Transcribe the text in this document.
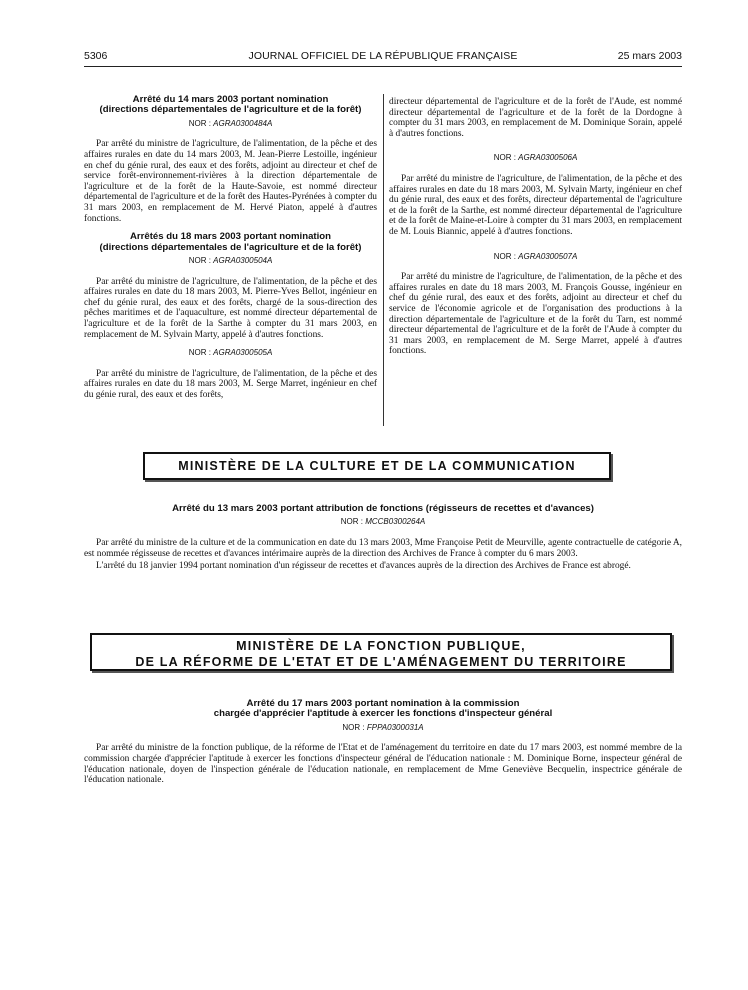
5306	JOURNAL OFFICIEL DE LA RÉPUBLIQUE FRANÇAISE	25 mars 2003
Arrêté du 14 mars 2003 portant nomination
(directions départementales de l'agriculture et de la forêt)
NOR : AGRA0300484A

Par arrêté du ministre de l'agriculture, de l'alimentation, de la pêche et des affaires rurales en date du 14 mars 2003, M. Jean-Pierre Lestoille, ingénieur en chef du génie rural, des eaux et des forêts, adjoint au directeur et chef de service forêt-environnement-rivières à la direction départementale de l'agriculture et de la forêt de la Haute-Savoie, est nommé directeur départemental de l'agriculture et de la forêt des Hautes-Pyrénées à compter du 31 mars 2003, en remplacement de M. Hervé Piaton, appelé à d'autres fonctions.

Arrêtés du 18 mars 2003 portant nomination
(directions départementales de l'agriculture et de la forêt)
NOR : AGRA0300504A

Par arrêté du ministre de l'agriculture, de l'alimentation, de la pêche et des affaires rurales en date du 18 mars 2003, M. Pierre-Yves Bellot, ingénieur en chef du génie rural, des eaux et des forêts, chargé de la sous-direction des pêches maritimes et de l'aquaculture, est nommé directeur départemental de l'agriculture et de la forêt de la Sarthe à compter du 31 mars 2003, en remplacement de M. Sylvain Marty, appelé à d'autres fonctions.

NOR : AGRA0300505A

Par arrêté du ministre de l'agriculture, de l'alimentation, de la pêche et des affaires rurales en date du 18 mars 2003, M. Serge Marret, ingénieur en chef du génie rural, des eaux et des forêts,

directeur départemental de l'agriculture et de la forêt de l'Aude, est nommé directeur départemental de l'agriculture et de la forêt de la Dordogne à compter du 31 mars 2003, en remplacement de M. Dominique Sorain, appelé à d'autres fonctions.

NOR : AGRA0300506A

Par arrêté du ministre de l'agriculture, de l'alimentation, de la pêche et des affaires rurales en date du 18 mars 2003, M. Sylvain Marty, ingénieur en chef du génie rural, des eaux et des forêts, directeur départemental de l'agriculture et de la forêt de la Sarthe, est nommé directeur départemental de l'agriculture et de la forêt de Maine-et-Loire à compter du 31 mars 2003, en remplacement de M. Louis Biannic, appelé à d'autres fonctions.

NOR : AGRA0300507A

Par arrêté du ministre de l'agriculture, de l'alimentation, de la pêche et des affaires rurales en date du 18 mars 2003, M. François Gousse, ingénieur en chef du génie rural, des eaux et des forêts, adjoint au directeur et chef du service de l'économie agricole et de l'organisation des productions à la direction départementale de l'agriculture et de la forêt du Tarn, est nommé directeur départemental de l'agriculture et de la forêt de l'Aude à compter du 31 mars 2003, en remplacement de M. Serge Marret, appelé à d'autres fonctions.

MINISTÈRE DE LA CULTURE ET DE LA COMMUNICATION
Arrêté du 13 mars 2003 portant attribution de fonctions (régisseurs de recettes et d'avances)
NOR : MCCB0300264A

Par arrêté du ministre de la culture et de la communication en date du 13 mars 2003, Mme Françoise Petit de Meurville, agente contractuelle de catégorie A, est nommée régisseuse de recettes et d'avances intérimaire auprès de la direction des Archives de France à compter du 6 mars 2003.

L'arrêté du 18 janvier 1994 portant nomination d'un régisseur de recettes et d'avances auprès de la direction des Archives de France est abrogé.

MINISTÈRE DE LA FONCTION PUBLIQUE,
DE LA RÉFORME DE L'ETAT ET DE L'AMÉNAGEMENT DU TERRITOIRE
Arrêté du 17 mars 2003 portant nomination à la commission
chargée d'apprécier l'aptitude à exercer les fonctions d'inspecteur général
NOR : FPPA0300031A

Par arrêté du ministre de la fonction publique, de la réforme de l'Etat et de l'aménagement du territoire en date du 17 mars 2003, est nommé membre de la commission chargée d'apprécier l'aptitude à exercer les fonctions d'inspecteur général de l'éducation nationale : M. Dominique Borne, inspecteur général de l'éducation nationale, doyen de l'inspection générale de l'éducation nationale, en remplacement de Mme Geneviève Becquelin, inspectrice générale de l'éducation nationale.
